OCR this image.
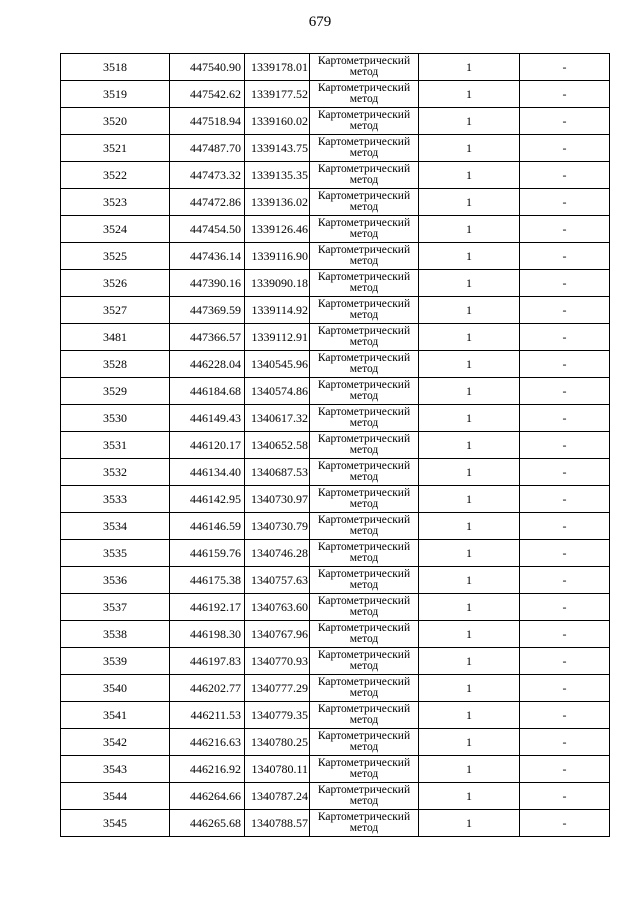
679
3518	447540.90	1339178.01	Картометрический
метод	1	-
3519	447542.62	1339177.52	Картометрический
метод	1	-
3520	447518.94	1339160.02	Картометрический
метод	1	-
3521	447487.70	1339143.75	Картометрический
метод	1	-
3522	447473.32	1339135.35	Картометрический
метод	1	-
3523	447472.86	1339136.02	Картометрический
метод	1	-
3524	447454.50	1339126.46	Картометрический
метод	1	-
3525	447436.14	1339116.90	Картометрический
метод	1	-
3526	447390.16	1339090.18	Картометрический
метод	1	-
3527	447369.59	1339114.92	Картометрический
метод	1	-
3481	447366.57	1339112.91	Картометрический
метод	1	-
3528	446228.04	1340545.96	Картометрический
метод	1	-
3529	446184.68	1340574.86	Картометрический
метод	1	-
3530	446149.43	1340617.32	Картометрический
метод	1	-
3531	446120.17	1340652.58	Картометрический
метод	1	-
3532	446134.40	1340687.53	Картометрический
метод	1	-
3533	446142.95	1340730.97	Картометрический
метод	1	-
3534	446146.59	1340730.79	Картометрический
метод	1	-
3535	446159.76	1340746.28	Картометрический
метод	1	-
3536	446175.38	1340757.63	Картометрический
метод	1	-
3537	446192.17	1340763.60	Картометрический
метод	1	-
3538	446198.30	1340767.96	Картометрический
метод	1	-
3539	446197.83	1340770.93	Картометрический
метод	1	-
3540	446202.77	1340777.29	Картометрический
метод	1	-
3541	446211.53	1340779.35	Картометрический
метод	1	-
3542	446216.63	1340780.25	Картометрический
метод	1	-
3543	446216.92	1340780.11	Картометрический
метод	1	-
3544	446264.66	1340787.24	Картометрический
метод	1	-
3545	446265.68	1340788.57	Картометрический
метод	1	-
